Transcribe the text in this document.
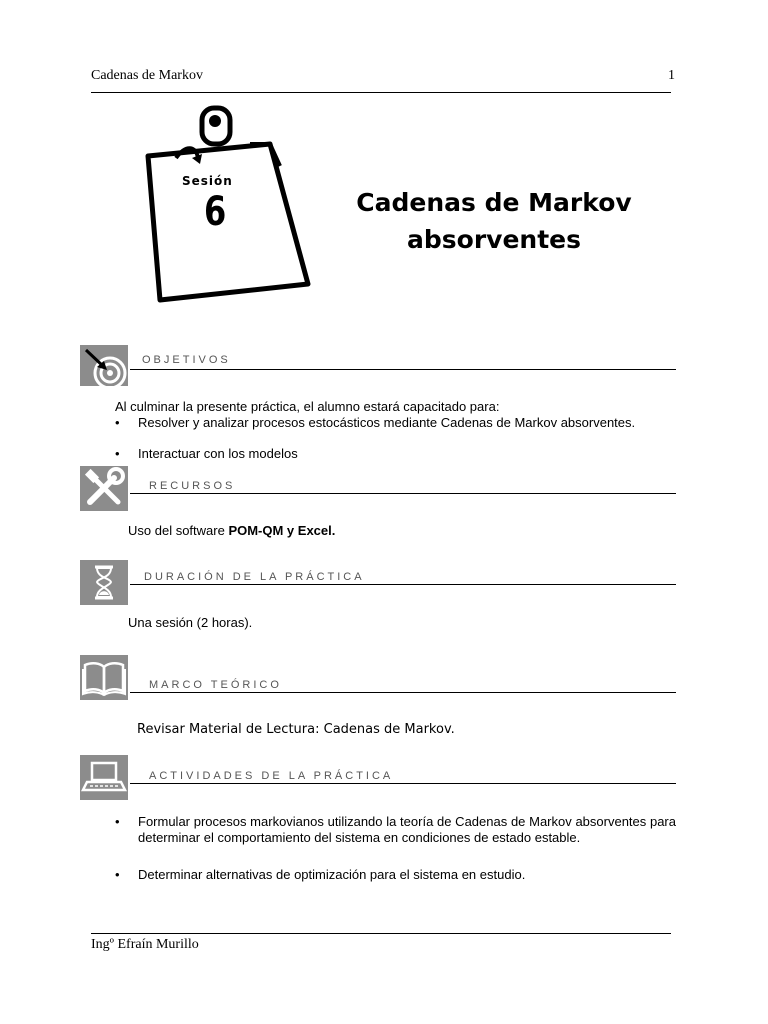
Cadenas de Markov	1
Sesión
6	Cadenas de Markov
absorventes
OBJETIVOS
Al culminar la presente práctica, el alumno estará capacitado para:
• Resolver y analizar procesos estocásticos mediante Cadenas de Markov absorventes.
• Interactuar con los modelos
RECURSOS
Uso del software POM-QM y Excel.
DURACIÓN DE LA PRÁCTICA
Una sesión (2 horas).
MARCO TEÓRICO
Revisar Material de Lectura: Cadenas de Markov.
ACTIVIDADES DE LA PRÁCTICA
• Formular procesos markovianos utilizando la teoría de Cadenas de Markov absorventes para determinar el comportamiento del sistema en condiciones de estado estable.
• Determinar alternativas de optimización para el sistema en estudio.
Ingº Efraín Murillo
